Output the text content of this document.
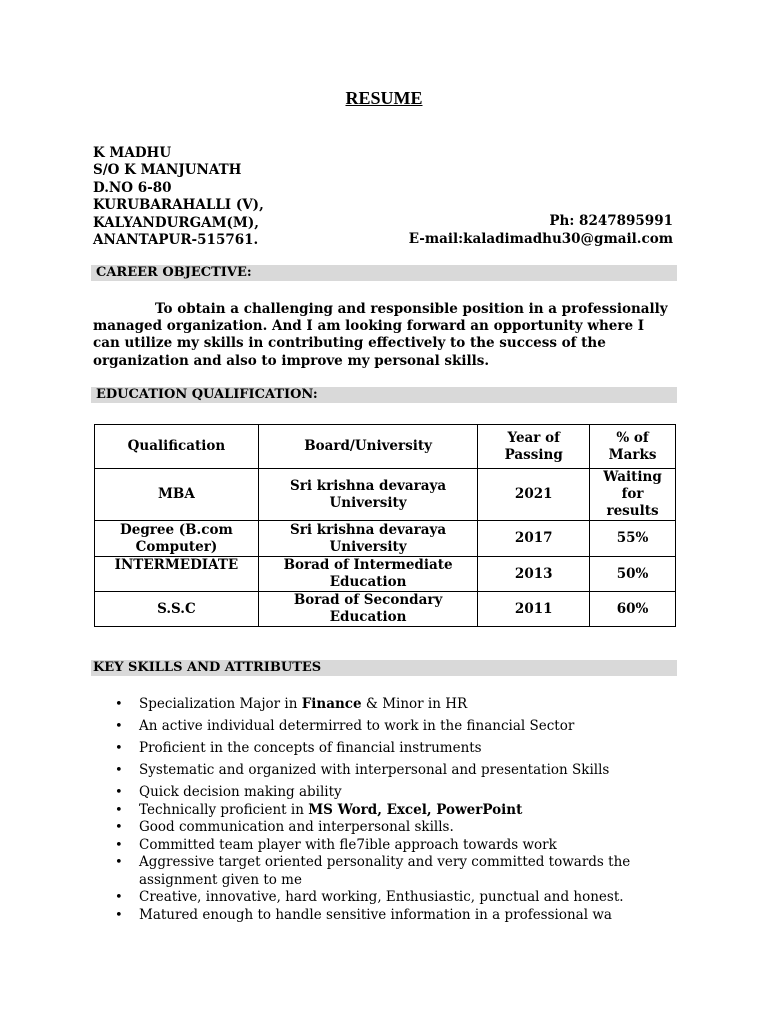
RESUME
K MADHU
S/O K MANJUNATH
D.NO 6-80
KURUBARAHALLI (V),
KALYANDURGAM(M),
ANANTAPUR-515761.
Ph: 8247895991
E-mail:kaladimadhu30@gmail.com
CAREER OBJECTIVE:
To obtain a challenging and responsible position in a professionally managed organization. And I am looking forward an opportunity where I can utilize my skills in contributing effectively to the success of the organization and also to improve my personal skills.
EDUCATION QUALIFICATION:
Qualification	Board/University	Year of Passing	% of Marks
MBA	Sri krishna devaraya University	2021	Waiting for results
Degree (B.com Computer)	Sri krishna devaraya University	2017	55%
INTERMEDIATE	Borad of Intermediate Education	2013	50%
S.S.C	Borad of Secondary Education	2011	60%
KEY SKILLS AND ATTRIBUTES
• Specialization Major in Finance & Minor in HR
• An active individual determirred to work in the financial Sector
• Proficient in the concepts of financial instruments
• Systematic and organized with interpersonal and presentation Skills
• Quick decision making ability
• Technically proficient in MS Word, Excel, PowerPoint
• Good communication and interpersonal skills.
• Committed team player with fle7ible approach towards work
• Aggressive target oriented personality and very committed towards the assignment given to me
• Creative, innovative, hard working, Enthusiastic, punctual and honest.
• Matured enough to handle sensitive information in a professional wa
